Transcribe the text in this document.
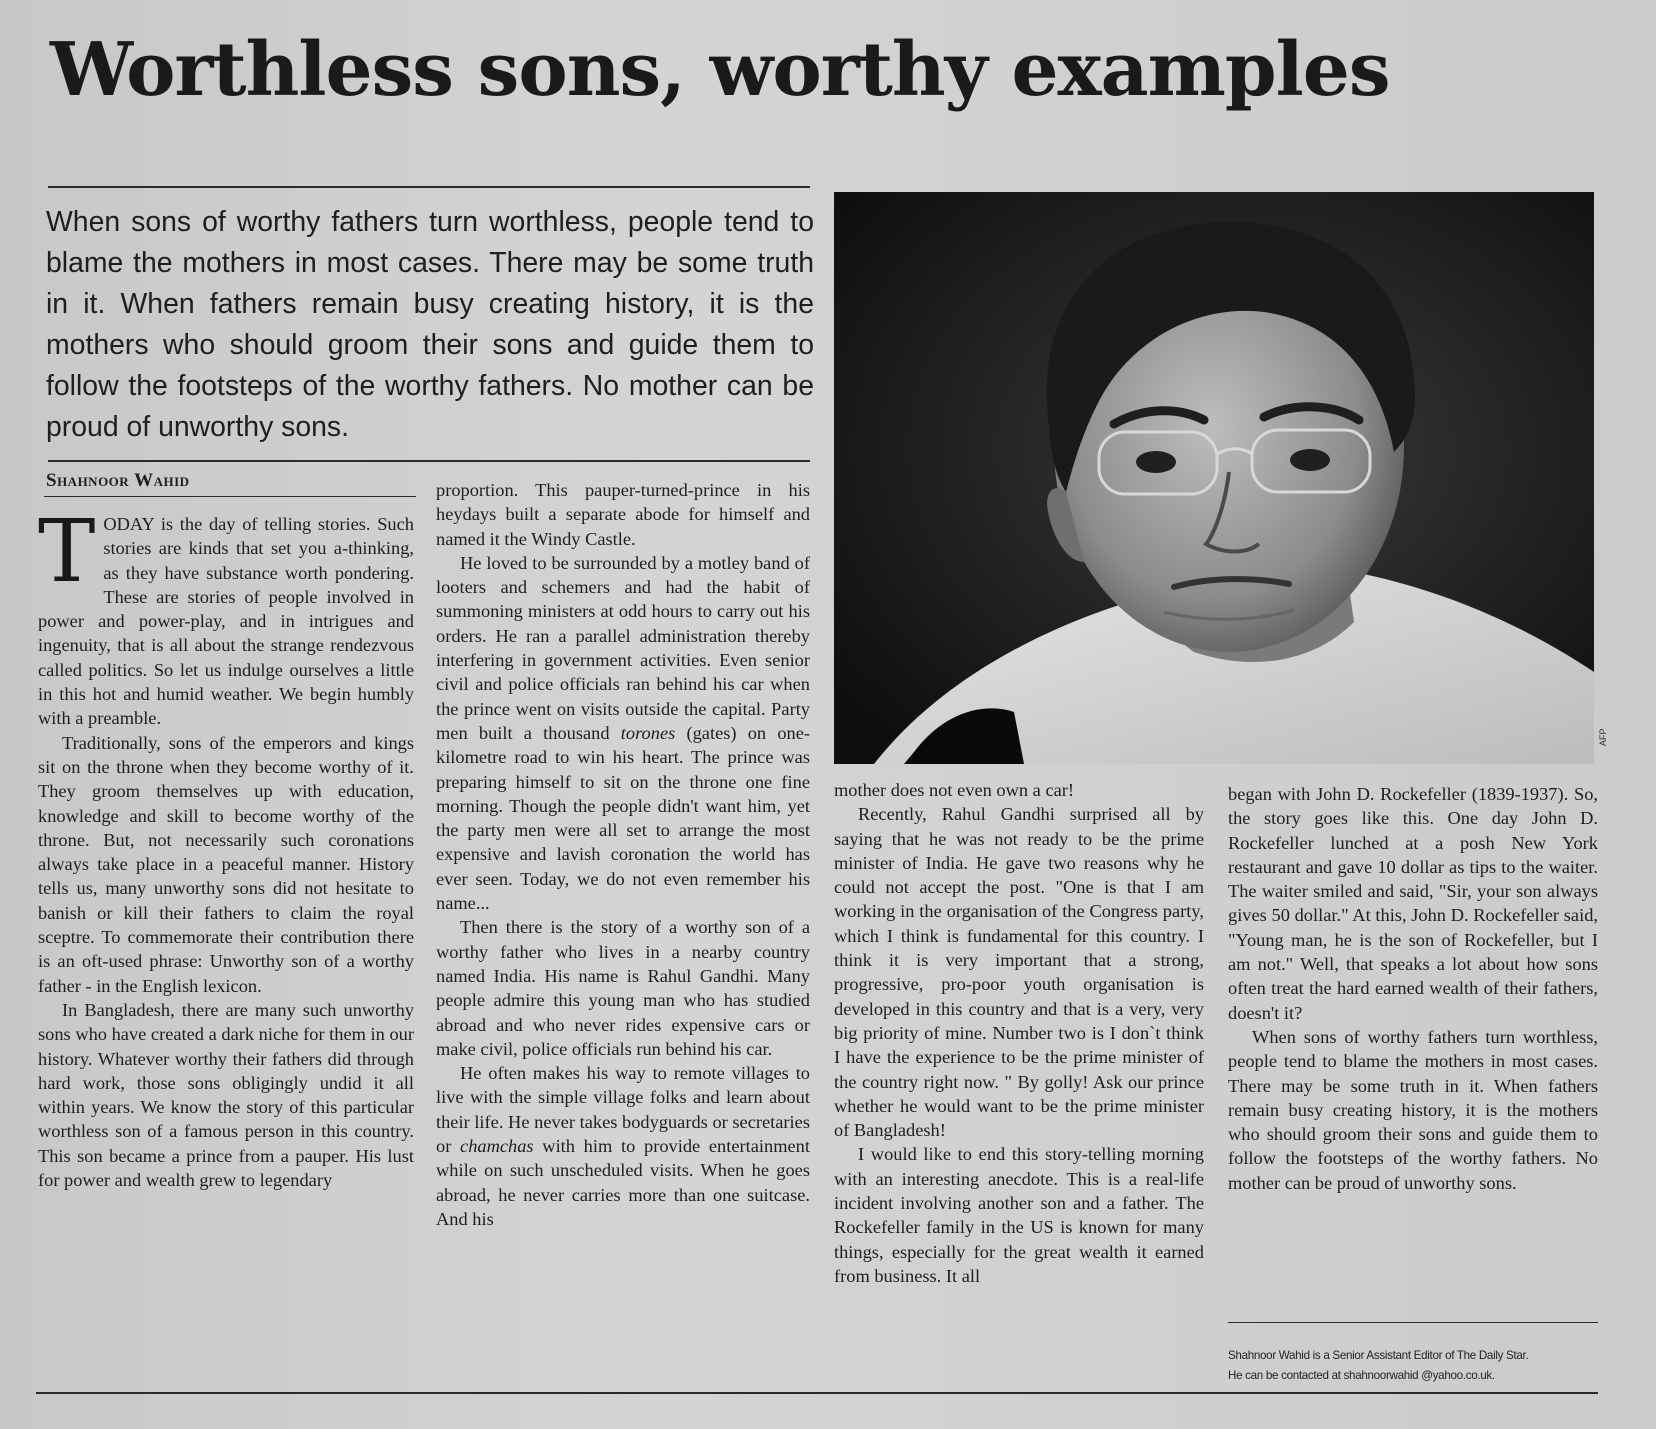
Worthless sons, worthy examples

When sons of worthy fathers turn worthless, people tend to blame the mothers in most cases. There may be some truth in it. When fathers remain busy creating history, it is the mothers who should groom their sons and guide them to follow the footsteps of the worthy fathers. No mother can be proud of unworthy sons.

AFP
Shahnoor Wahid

TODAY is the day of telling stories. Such stories are kinds that set you a-thinking, as they have substance worth pondering. These are stories of people involved in power and power-play, and in intrigues and ingenuity, that is all about the strange rendezvous called politics. So let us indulge ourselves a little in this hot and humid weather. We begin humbly with a preamble.

Traditionally, sons of the emperors and kings sit on the throne when they become worthy of it. They groom themselves up with education, knowledge and skill to become worthy of the throne. But, not necessarily such coronations always take place in a peaceful manner. History tells us, many unworthy sons did not hesitate to banish or kill their fathers to claim the royal sceptre. To commemorate their contribution there is an oft-used phrase: Unworthy son of a worthy father - in the English lexicon.

In Bangladesh, there are many such unworthy sons who have created a dark niche for them in our history. Whatever worthy their fathers did through hard work, those sons obligingly undid it all within years. We know the story of this particular worthless son of a famous person in this country. This son became a prince from a pauper. His lust for power and wealth grew to legendary

proportion. This pauper-turned-prince in his heydays built a separate abode for himself and named it the Windy Castle.

He loved to be surrounded by a motley band of looters and schemers and had the habit of summoning ministers at odd hours to carry out his orders. He ran a parallel administration thereby interfering in government activities. Even senior civil and police officials ran behind his car when the prince went on visits outside the capital. Party men built a thousand torones (gates) on one-kilometre road to win his heart. The prince was preparing himself to sit on the throne one fine morning. Though the people didn't want him, yet the party men were all set to arrange the most expensive and lavish coronation the world has ever seen. Today, we do not even remember his name...

Then there is the story of a worthy son of a worthy father who lives in a nearby country named India. His name is Rahul Gandhi. Many people admire this young man who has studied abroad and who never rides expensive cars or make civil, police officials run behind his car.

He often makes his way to remote villages to live with the simple village folks and learn about their life. He never takes bodyguards or secretaries or chamchas with him to provide entertainment while on such unscheduled visits. When he goes abroad, he never carries more than one suitcase. And his

mother does not even own a car!

Recently, Rahul Gandhi surprised all by saying that he was not ready to be the prime minister of India. He gave two reasons why he could not accept the post. "One is that I am working in the organisation of the Congress party, which I think is fundamental for this country. I think it is very important that a strong, progressive, pro-poor youth organisation is developed in this country and that is a very, very big priority of mine. Number two is I don`t think I have the experience to be the prime minister of the country right now. " By golly! Ask our prince whether he would want to be the prime minister of Bangladesh!

I would like to end this story-telling morning with an interesting anecdote. This is a real-life incident involving another son and a father. The Rockefeller family in the US is known for many things, especially for the great wealth it earned from business. It all

began with John D. Rockefeller (1839-1937). So, the story goes like this. One day John D. Rockefeller lunched at a posh New York restaurant and gave 10 dollar as tips to the waiter. The waiter smiled and said, "Sir, your son always gives 50 dollar." At this, John D. Rockefeller said, "Young man, he is the son of Rockefeller, but I am not." Well, that speaks a lot about how sons often treat the hard earned wealth of their fathers, doesn't it?

When sons of worthy fathers turn worthless, people tend to blame the mothers in most cases. There may be some truth in it. When fathers remain busy creating history, it is the mothers who should groom their sons and guide them to follow the footsteps of the worthy fathers. No mother can be proud of unworthy sons.

Shahnoor Wahid is a Senior Assistant Editor of The Daily Star.
He can be contacted at shahnoorwahid @yahoo.co.uk.
